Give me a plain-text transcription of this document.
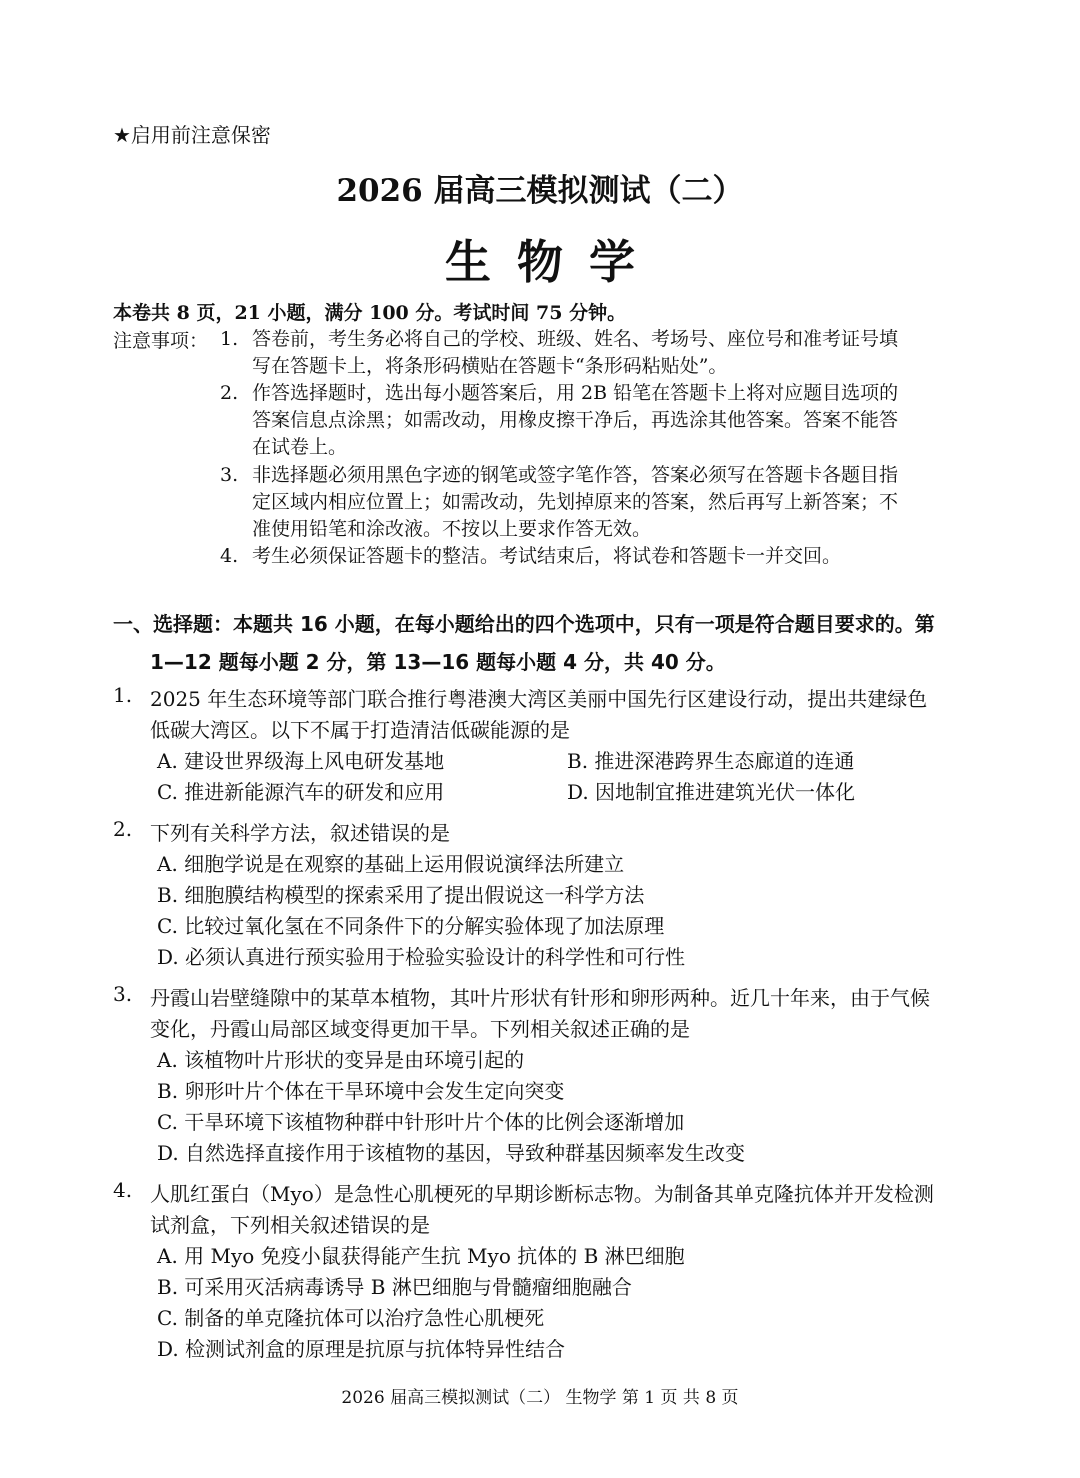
★启用前注意保密
2026 届高三模拟测试（二）
生物学
本卷共 8 页，21 小题，满分 100 分。考试时间 75 分钟。
注意事项： 1. 答卷前，考生务必将自己的学校、班级、姓名、考场号、座位号和准考证号填
写在答题卡上，将条形码横贴在答题卡“条形码粘贴处”。
2. 作答选择题时，选出每小题答案后，用 2B 铅笔在答题卡上将对应题目选项的
答案信息点涂黑；如需改动，用橡皮擦干净后，再选涂其他答案。答案不能答
在试卷上。
3. 非选择题必须用黑色字迹的钢笔或签字笔作答，答案必须写在答题卡各题目指
定区域内相应位置上；如需改动，先划掉原来的答案，然后再写上新答案；不
准使用铅笔和涂改液。不按以上要求作答无效。
4. 考生必须保证答题卡的整洁。考试结束后，将试卷和答题卡一并交回。
一、选择题：本题共 16 小题，在每小题给出的四个选项中，只有一项是符合题目要求的。第
1—12 题每小题 2 分，第 13—16 题每小题 4 分，共 40 分。
1. 2025 年生态环境等部门联合推行粤港澳大湾区美丽中国先行区建设行动，提出共建绿色
低碳大湾区。以下不属于打造清洁低碳能源的是
A. 建设世界级海上风电研发基地	B. 推进深港跨界生态廊道的连通
C. 推进新能源汽车的研发和应用	D. 因地制宜推进建筑光伏一体化
2. 下列有关科学方法，叙述错误的是
A. 细胞学说是在观察的基础上运用假说演绎法所建立
B. 细胞膜结构模型的探索采用了提出假说这一科学方法
C. 比较过氧化氢在不同条件下的分解实验体现了加法原理
D. 必须认真进行预实验用于检验实验设计的科学性和可行性
3. 丹霞山岩壁缝隙中的某草本植物，其叶片形状有针形和卵形两种。近几十年来，由于气候
变化，丹霞山局部区域变得更加干旱。下列相关叙述正确的是
A. 该植物叶片形状的变异是由环境引起的
B. 卵形叶片个体在干旱环境中会发生定向突变
C. 干旱环境下该植物种群中针形叶片个体的比例会逐渐增加
D. 自然选择直接作用于该植物的基因，导致种群基因频率发生改变
4. 人肌红蛋白（Myo）是急性心肌梗死的早期诊断标志物。为制备其单克隆抗体并开发检测
试剂盒，下列相关叙述错误的是
A. 用 Myo 免疫小鼠获得能产生抗 Myo 抗体的 B 淋巴细胞
B. 可采用灭活病毒诱导 B 淋巴细胞与骨髓瘤细胞融合
C. 制备的单克隆抗体可以治疗急性心肌梗死
D. 检测试剂盒的原理是抗原与抗体特异性结合
2026 届高三模拟测试（二） 生物学 第 1 页 共 8 页
